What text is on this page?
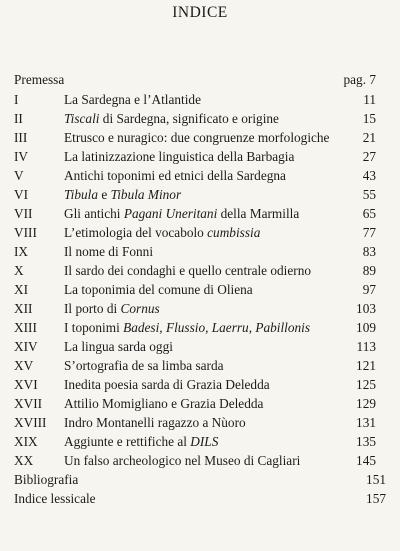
INDICE
Premessa	pag. 7
I	La Sardegna e l’Atlantide	11
II	Tiscali di Sardegna, significato e origine	15
III	Etrusco e nuragico: due congruenze morfologiche 21
IV	La latinizzazione linguistica della Barbagia	27
V	Antichi toponimi ed etnici della Sardegna	43
VI	Tibula e Tibula Minor	55
VII Gli antichi Pagani Uneritani della Marmilla	65
VIII L’etimologia del vocabolo cumbissia	77
IX	Il nome di Fonni	83
X	Il sardo dei condaghi e quello centrale odierno	89
XI	La toponimia del comune di Oliena	97
XII Il porto di Cornus	103
XIII I toponimi Badesi, Flussio, Laerru, Pabillonis	109
XIV La lingua sarda oggi	113
XV S’ortografia de sa limba sarda	121
XVI Inedita poesia sarda di Grazia Deledda	125
XVII Attilio Momigliano e Grazia Deledda	129
XVIII Indro Montanelli ragazzo a Nùoro	131
XIX Aggiunte e rettifiche al DILS	135
XX Un falso archeologico nel Museo di Cagliari	145
Bibliografia	151
Indice lessicale	157
